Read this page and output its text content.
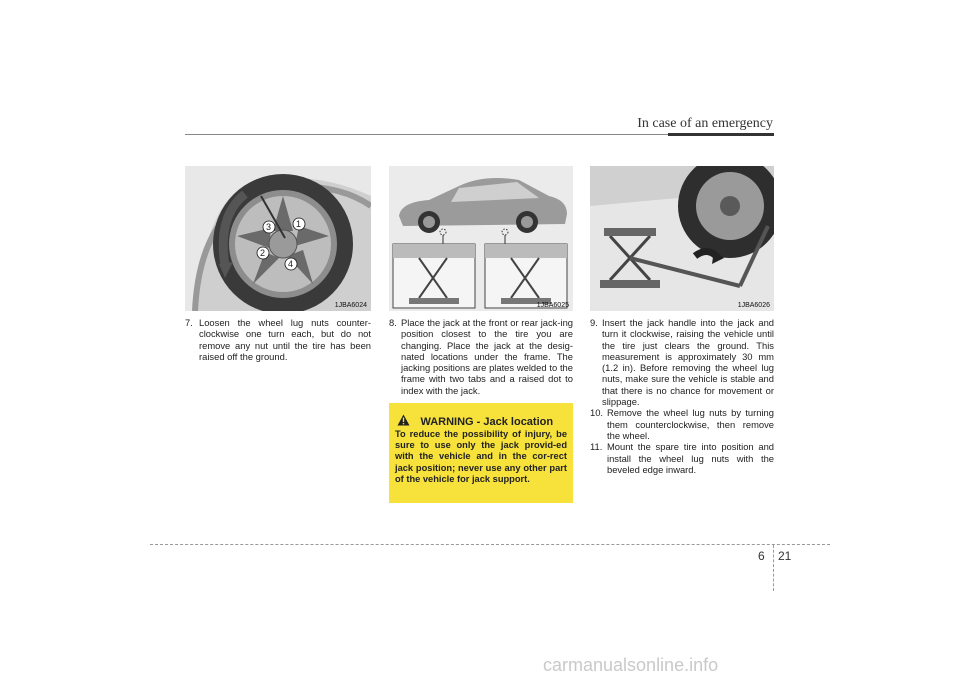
In case of an emergency
1
2
3
4
1JBA6024	1JBA6025	1JBA6026
7. Loosen the wheel lug nuts counter-clockwise one turn each, but do not remove any nut until the tire has been raised off the ground.

8. Place the jack at the front or rear jack-ing position closest to the tire you are changing. Place the jack at the desig-nated locations under the frame. The jacking positions are plates welded to the frame with two tabs and a raised dot to index with the jack.

WARNING - Jack location

To reduce the possibility of injury, be sure to use only the jack provid-ed with the vehicle and in the cor-rect jack position; never use any other part of the vehicle for jack support.

9. Insert the jack handle into the jack and turn it clockwise, raising the vehicle until the tire just clears the ground. This measurement is approximately 30 mm (1.2 in). Before removing the wheel lug nuts, make sure the vehicle is stable and that there is no chance for movement or slippage.

10. Remove the wheel lug nuts by turning them counterclockwise, then remove the wheel.

11. Mount the spare tire into position and install the wheel lug nuts with the beveled edge inward.

6 21
carmanualsonline.info
